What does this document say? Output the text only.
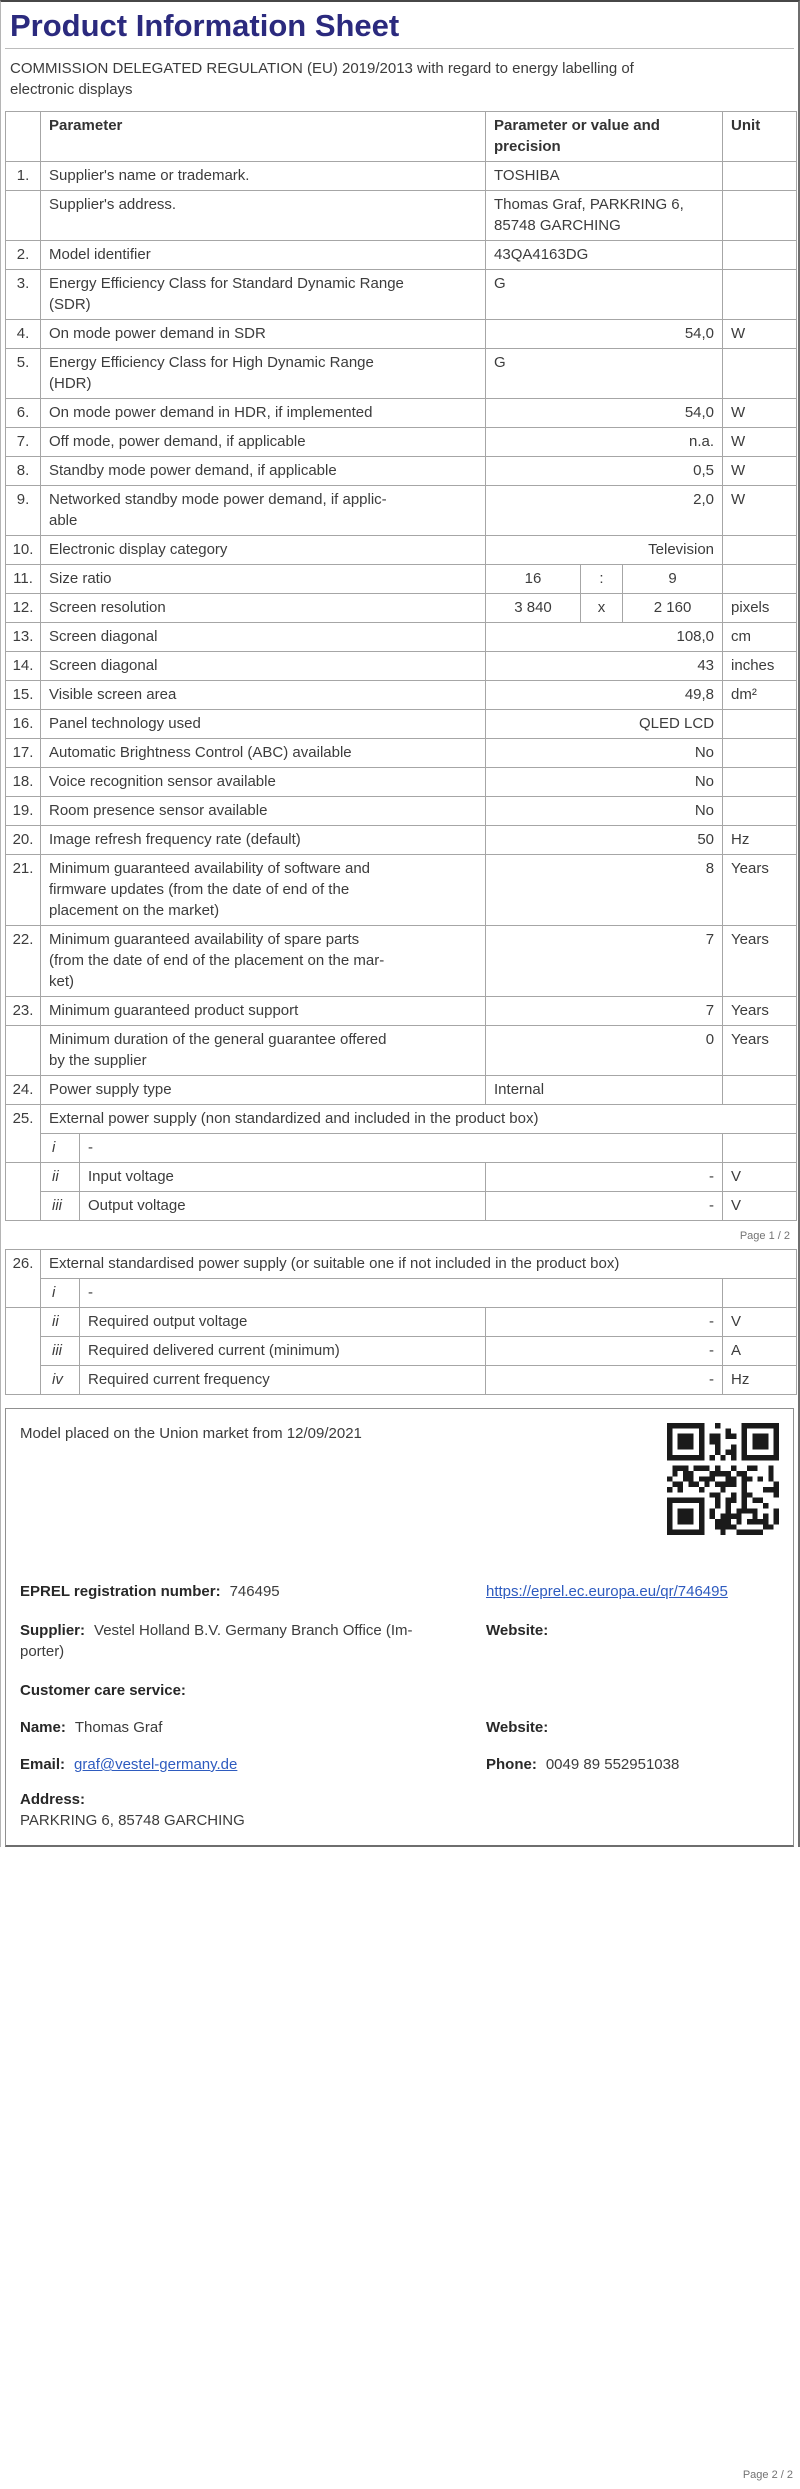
Product Information Sheet
COMMISSION DELEGATED REGULATION (EU) 2019/2013 with regard to energy labelling of
electronic displays
	Parameter		Parameter or value and
precision			Unit
1.	Supplier's name or trademark.		TOSHIBA			
	Supplier's address.		Thomas Graf, PARKRING 6, 85748 GARCHING			
2.	Model identifier		43QA4163DG			
3.	Energy Efficiency Class for Standard Dynamic Range
(SDR)		G			
4.	On mode power demand in SDR		54,0			W
5.	Energy Efficiency Class for High Dynamic Range
(HDR)		G			
6.	On mode power demand in HDR, if implemented		54,0			W
7.	Off mode, power demand, if applicable		n.a.			W
8.	Standby mode power demand, if applicable		0,5			W
9.	Networked standby mode power demand, if applic-
able		2,0			W
10.	Electronic display category		Television			
11.	Size ratio		16	:	9	
12.	Screen resolution		3 840	x	2 160	pixels
13.	Screen diagonal		108,0			cm
14.	Screen diagonal		43			inches
15.	Visible screen area		49,8			dm²
16.	Panel technology used		QLED LCD			
17.	Automatic Brightness Control (ABC) available		No			
18.	Voice recognition sensor available		No			
19.	Room presence sensor available		No			
20.	Image refresh frequency rate (default)		50			Hz
21.	Minimum guaranteed availability of software and
firmware updates (from the date of end of the
placement on the market)		8			Years
22.	Minimum guaranteed availability of spare parts
(from the date of end of the placement on the mar-
ket)		7			Years
23.	Minimum guaranteed product support		7			Years
	Minimum duration of the general guarantee offered
by the supplier		0			Years
24.	Power supply type		Internal			
25.	External power supply (non standardized and included in the product box)					
	i	-				
	ii	Input voltage	-			V
	iii	Output voltage	-			V
Page 1 / 2
26.	External standardised power supply (or suitable one if not included in the product box)			
	i	-		
	ii	Required output voltage	-	V
	iii	Required delivered current (minimum)	-	A
	iv	Required current frequency	-	Hz
Model placed on the Union market from 12/09/2021
EPREL registration number: 746495	https://eprel.ec.europa.eu/qr/746495
Supplier: Vestel Holland B.V. Germany Branch Office (Im-
porter)
Website:
Customer care service:
Name: Thomas Graf	Website:
Email: graf@vestel-germany.de	Phone: 0049 89 552951038
Address:
PARKRING 6, 85748 GARCHING
Page 2 / 2
